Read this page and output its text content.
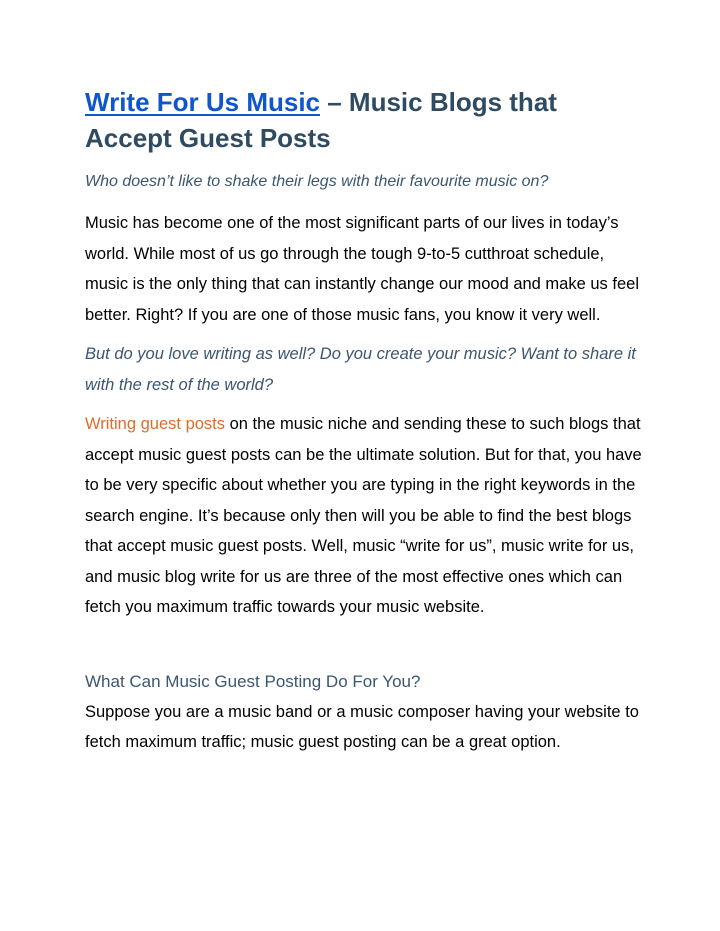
Write For Us Music – Music Blogs that Accept Guest Posts

Who doesn’t like to shake their legs with their favourite music on?

Music has become one of the most significant parts of our lives in today’s world. While most of us go through the tough 9-to-5 cutthroat schedule, music is the only thing that can instantly change our mood and make us feel better. Right? If you are one of those music fans, you know it very well.

But do you love writing as well? Do you create your music? Want to share it with the rest of the world?

Writing guest posts on the music niche and sending these to such blogs that accept music guest posts can be the ultimate solution. But for that, you have to be very specific about whether you are typing in the right keywords in the search engine. It’s because only then will you be able to find the best blogs that accept music guest posts. Well, music “write for us”, music write for us, and music blog write for us are three of the most effective ones which can fetch you maximum traffic towards your music website.

What Can Music Guest Posting Do For You?

Suppose you are a music band or a music composer having your website to fetch maximum traffic; music guest posting can be a great option.
